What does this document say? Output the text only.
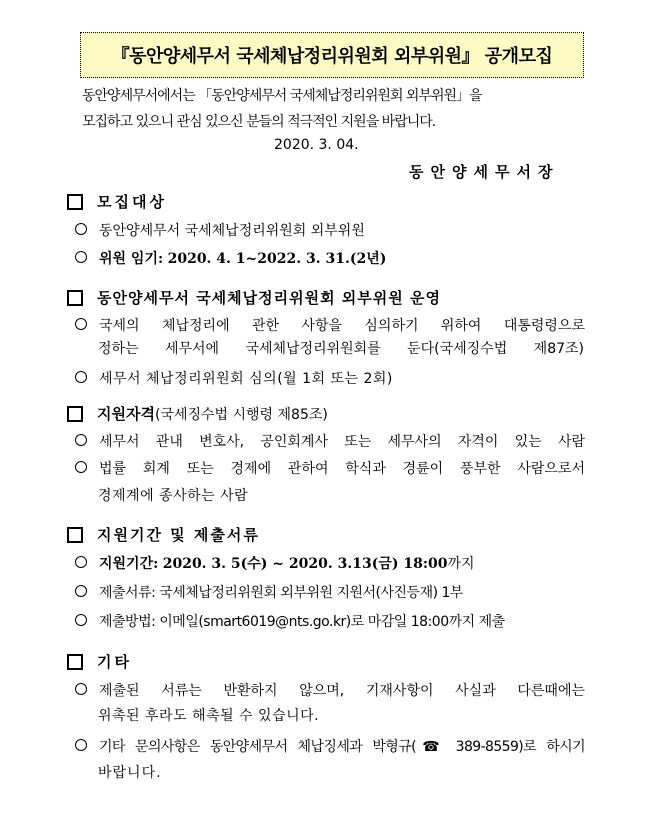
『동안양세무서 국세체납정리위원회 외부위원』 공개모집
동안양세무서에서는 「동안양세무서 국세체납정리위원회 외부위원」을
모집하고 있으니 관심 있으신 분들의 적극적인 지원을 바랍니다.
2020. 3. 04.
동안양세무서장
모집대상
동안양세무서 국세체납정리위원회 외부위원
위원 임기:
2020. 4. 1~2022. 3. 31.(2년)
동안양세무서 국세체납정리위원회 외부위원 운영
국세의 체납정리에 관한 사항을 심의하기 위하여 대통령령으로
정하는 세무서에 국세체납정리위원회를 둔다(국세징수법 제87조)
세무서 체납정리위원회 심의(월 1회 또는 2회)
지원자격 (국세징수법 시행령 제85조)
세무서 관내 변호사, 공인회계사 또는 세무사의 자격이 있는 사람
법률 회계 또는 경제에 관하여 학식과 경륜이 풍부한 사람으로서
경제계에 종사하는 사람
지원기간 및 제출서류
지원기간:
2020. 3. 5(수) ~ 2020. 3.13(금) 18:00 까지
제출서류: 국세체납정리위원회 외부위원 지원서(사진등재) 1부
제출방법: 이메일(smart6019@nts.go.kr)로 마감일 18:00까지 제출
기타
제출된 서류는 반환하지 않으며, 기재사항이 사실과 다른때에는
위촉된 후라도 해촉될 수 있습니다.
기타 문의사항은 동안양세무서 체납징세과 박형규(☎ 389-8559)로 하시기
바랍니다.
